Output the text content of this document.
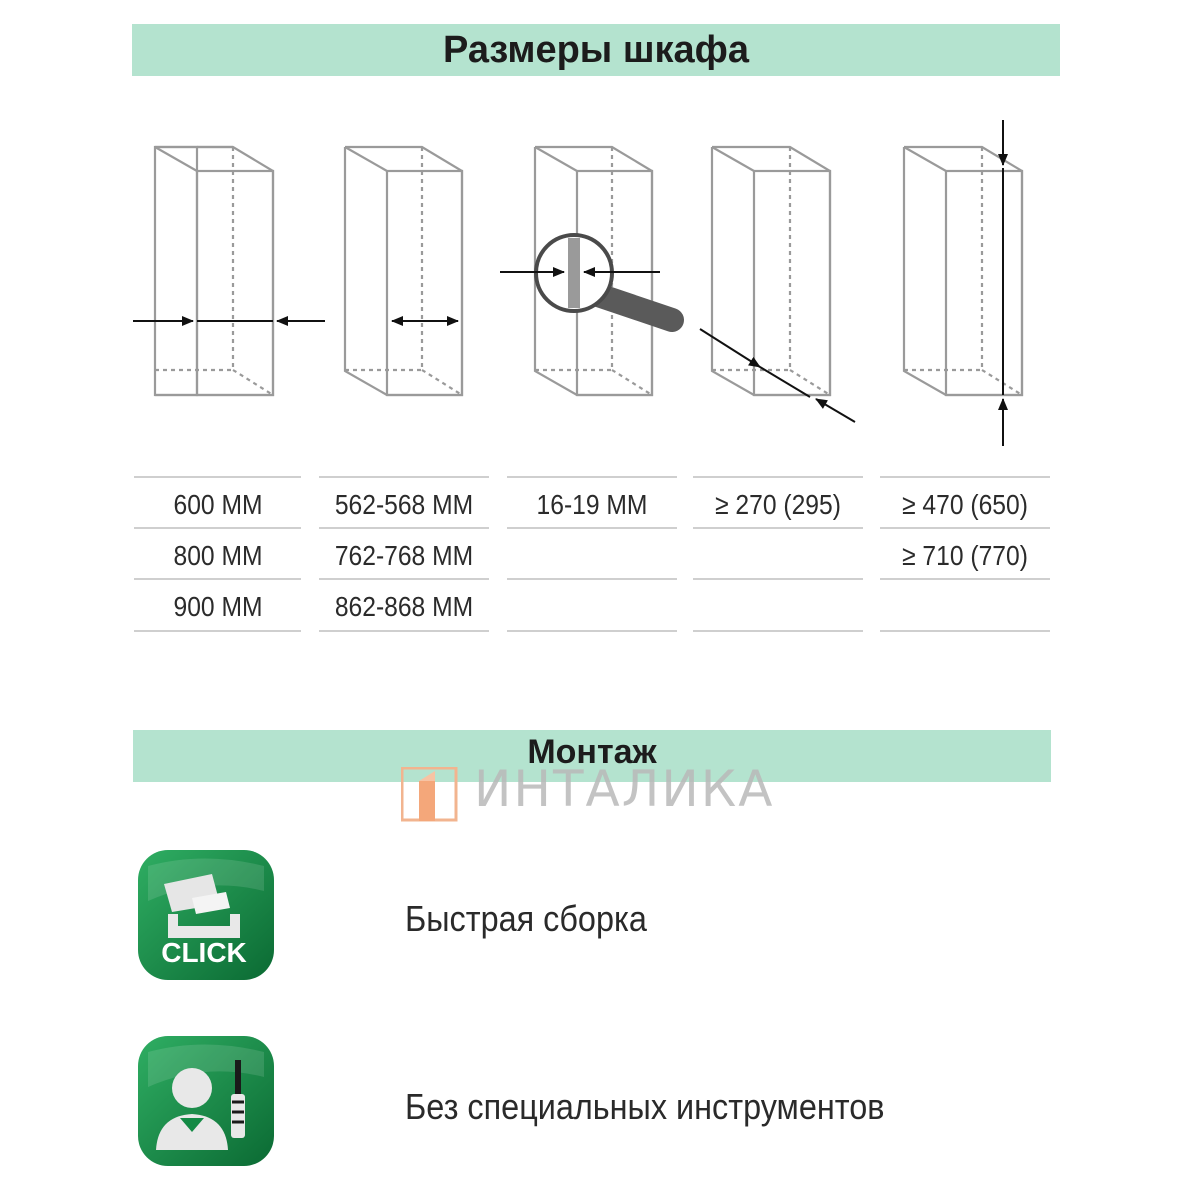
Размеры шкафа
600 MM
800 MM
900 MM
562-568 MM
762-768 MM
862-868 MM
16-19 MM	≥ 270 (295)	≥ 470 (650)
≥ 710 (770)
Монтаж
ИНТАЛИКА
CLICK
Быстрая сборка
Без специальных инструментов
